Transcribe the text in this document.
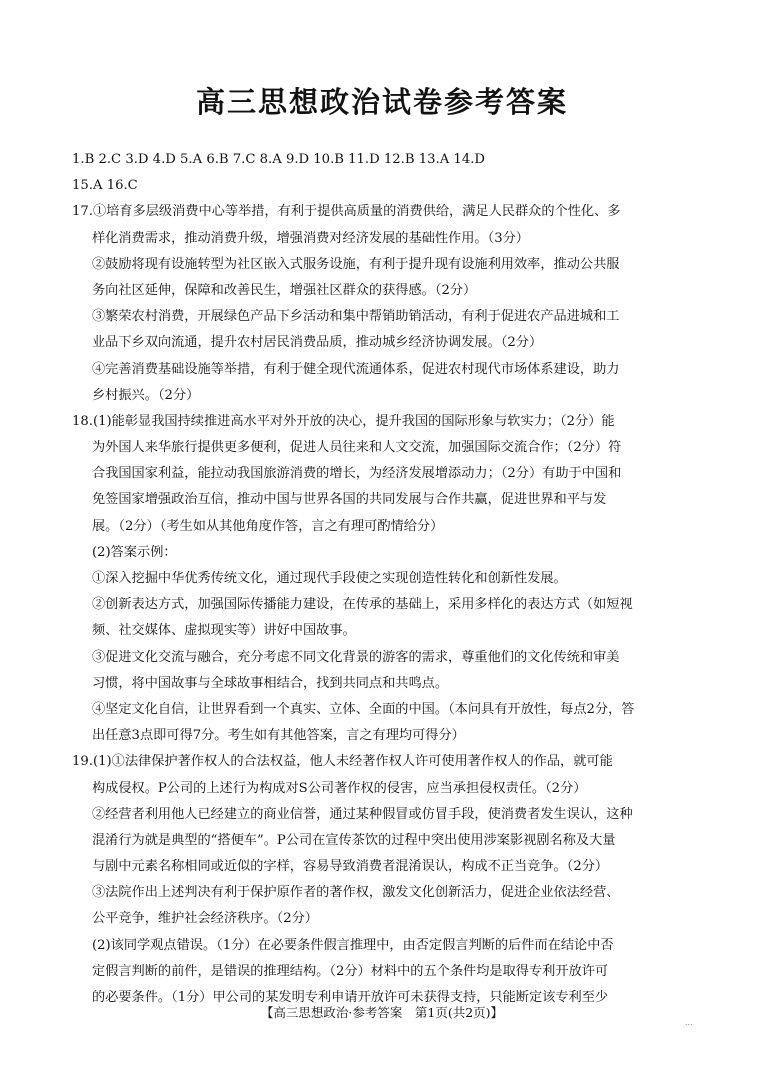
高三思想政治试卷参考答案
1.B 2.C 3.D 4.D 5.A 6.B 7.C 8.A 9.D 10.B 11.D 12.B 13.A 14.D
15.A 16.C
17.①培育多层级消费中心等举措，有利于提供高质量的消费供给，满足人民群众的个性化、多
样化消费需求，推动消费升级，增强消费对经济发展的基础性作用。（3分）
②鼓励将现有设施转型为社区嵌入式服务设施，有利于提升现有设施利用效率，推动公共服
务向社区延伸，保障和改善民生，增强社区群众的获得感。（2分）
③繁荣农村消费，开展绿色产品下乡活动和集中帮销助销活动，有利于促进农产品进城和工
业品下乡双向流通，提升农村居民消费品质，推动城乡经济协调发展。（2分）
④完善消费基础设施等举措，有利于健全现代流通体系，促进农村现代市场体系建设，助力
乡村振兴。（2分）
18.(1)能彰显我国持续推进高水平对外开放的决心，提升我国的国际形象与软实力；（2分）能
为外国人来华旅行提供更多便利，促进人员往来和人文交流，加强国际交流合作；（2分）符
合我国国家利益，能拉动我国旅游消费的增长，为经济发展增添动力；（2分）有助于中国和
免签国家增强政治互信，推动中国与世界各国的共同发展与合作共赢，促进世界和平与发
展。（2分）（考生如从其他角度作答，言之有理可酌情给分）
(2)答案示例：
①深入挖掘中华优秀传统文化，通过现代手段使之实现创造性转化和创新性发展。
②创新表达方式，加强国际传播能力建设，在传承的基础上，采用多样化的表达方式（如短视
频、社交媒体、虚拟现实等）讲好中国故事。
③促进文化交流与融合，充分考虑不同文化背景的游客的需求，尊重他们的文化传统和审美
习惯，将中国故事与全球故事相结合，找到共同点和共鸣点。
④坚定文化自信，让世界看到一个真实、立体、全面的中国。（本问具有开放性，每点2分，答
出任意3点即可得7分。考生如有其他答案，言之有理均可得分）
19.(1)①法律保护著作权人的合法权益，他人未经著作权人许可使用著作权人的作品，就可能
构成侵权。P公司的上述行为构成对S公司著作权的侵害，应当承担侵权责任。（2分）
②经营者利用他人已经建立的商业信誉，通过某种假冒或仿冒手段，使消费者发生误认，这种
混淆行为就是典型的“搭便车”。P公司在宣传茶饮的过程中突出使用涉案影视剧名称及大量
与剧中元素名称相同或近似的字样，容易导致消费者混淆误认，构成不正当竞争。（2分）
③法院作出上述判决有利于保护原作者的著作权，激发文化创新活力，促进企业依法经营、
公平竞争，维护社会经济秩序。（2分）
(2)该同学观点错误。（1分）在必要条件假言推理中，由否定假言判断的后件而在结论中否
定假言判断的前件，是错误的推理结构。（2分）材料中的五个条件均是取得专利开放许可
的必要条件。（1分）甲公司的某发明专利申请开放许可未获得支持，只能断定该专利至少
【高三思想政治·参考答案　第1页(共2页)】
...
